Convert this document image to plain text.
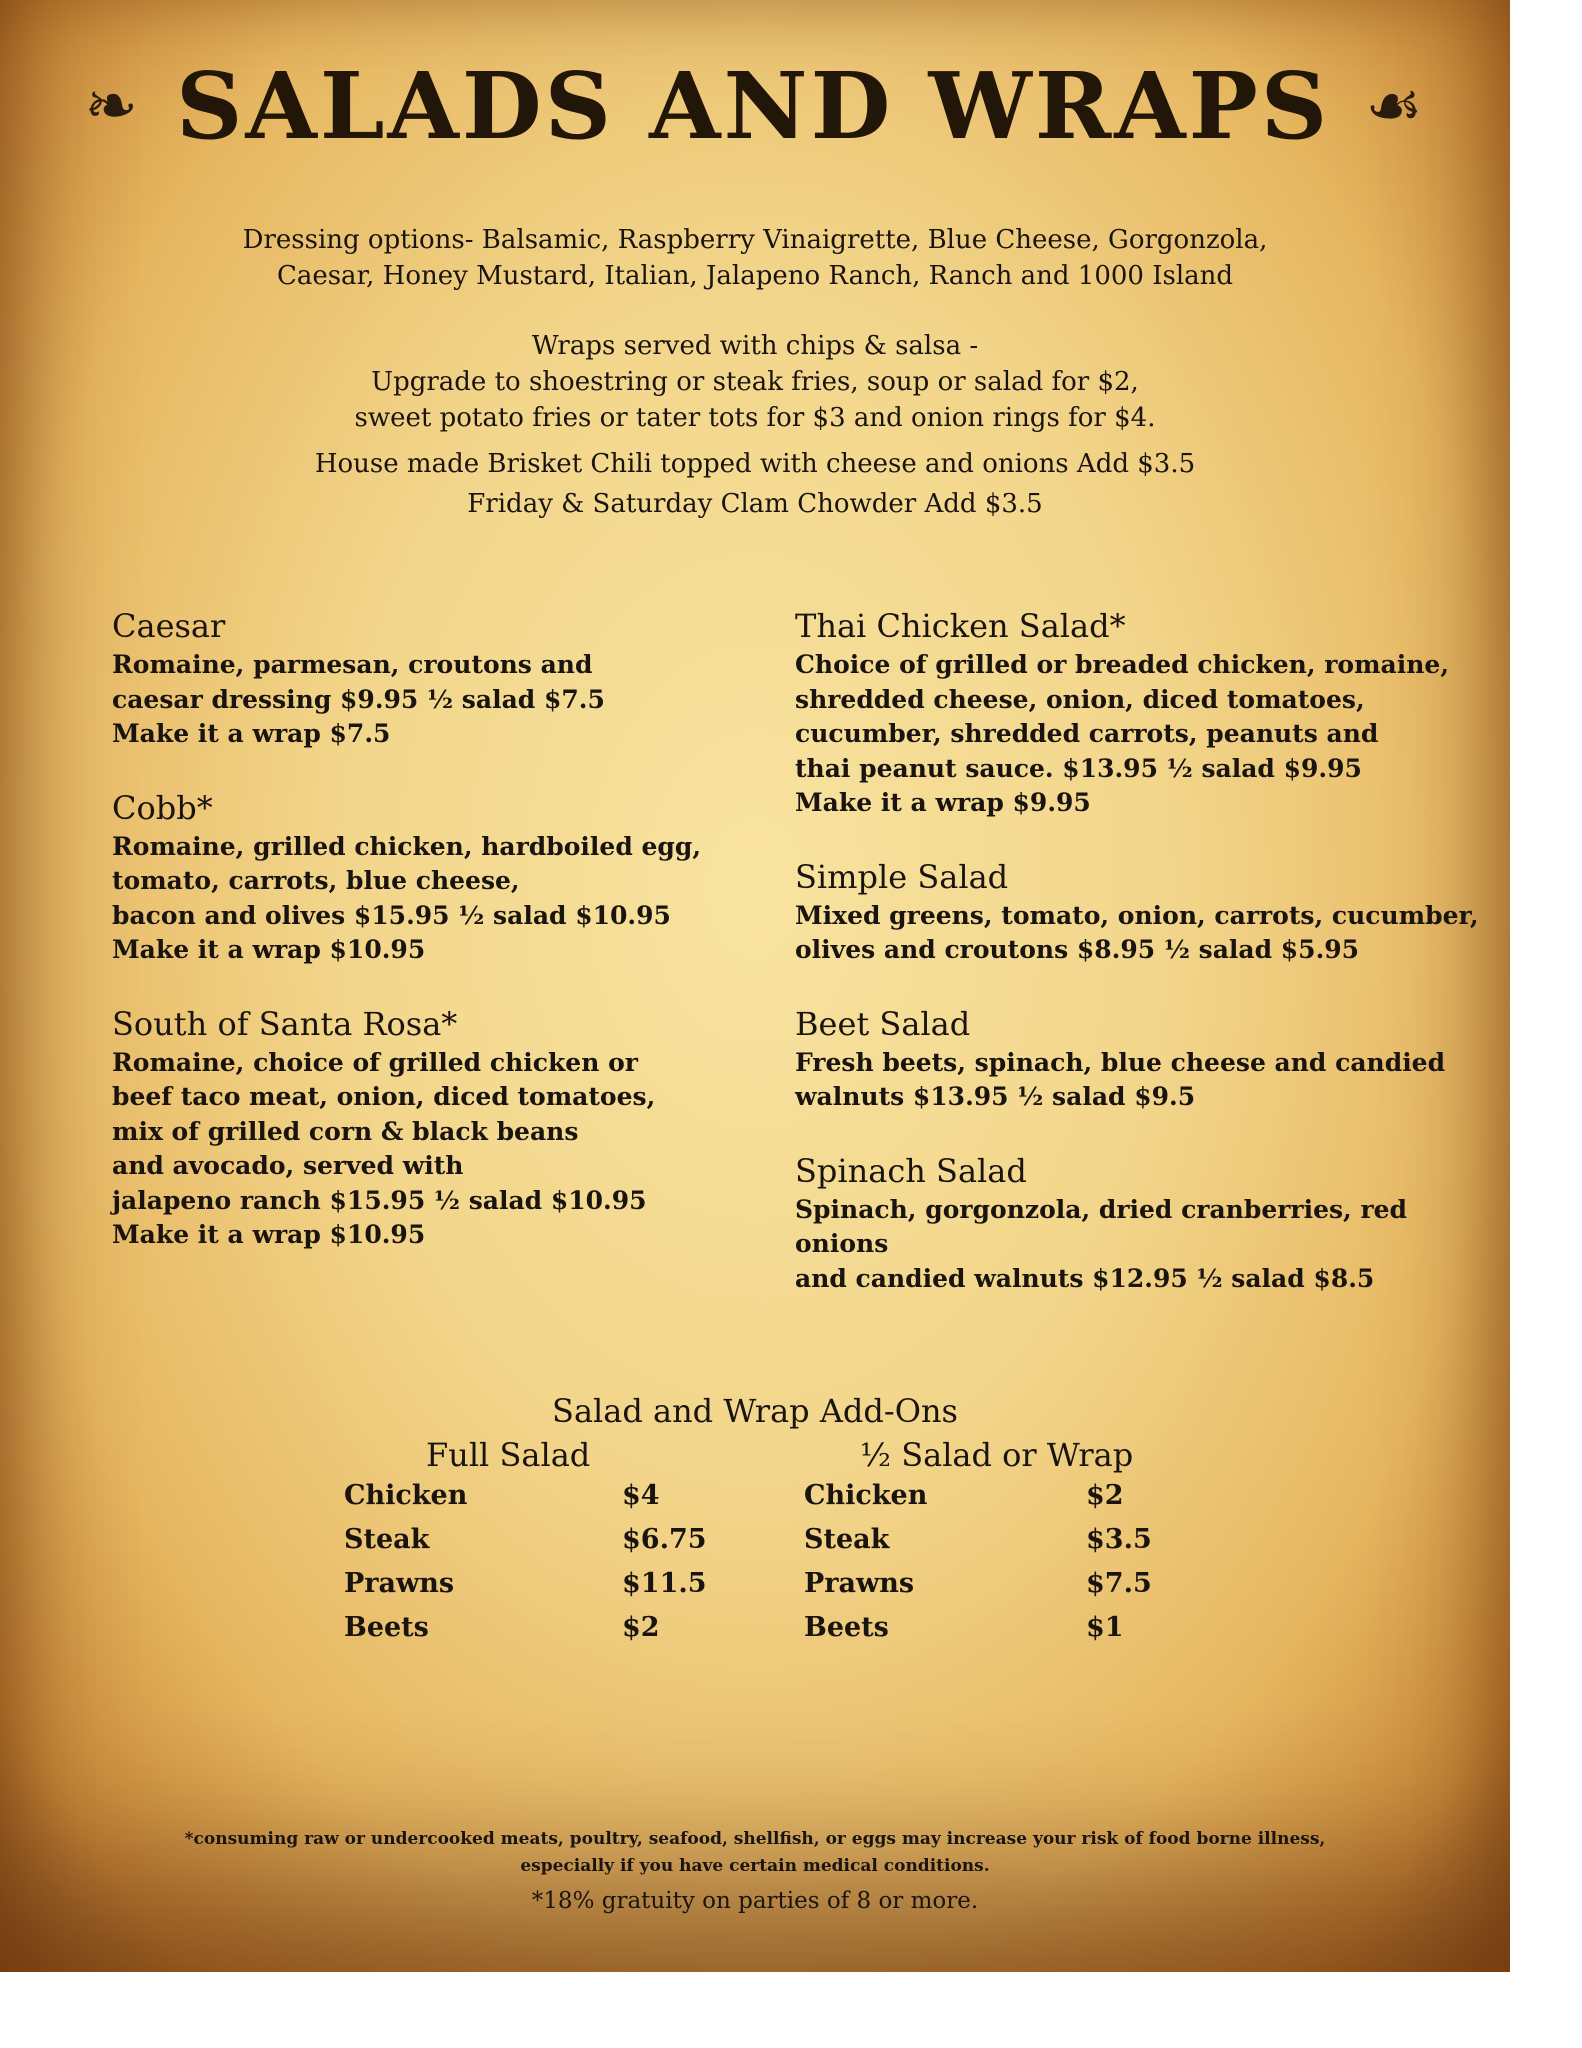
❧ SALADS AND WRAPS ☙
Dressing options- Balsamic, Raspberry Vinaigrette, Blue Cheese, Gorgonzola,
Caesar, Honey Mustard, Italian, Jalapeno Ranch, Ranch and 1000 Island
Wraps served with chips & salsa -
Upgrade to shoestring or steak fries, soup or salad for $2,
sweet potato fries or tater tots for $3 and onion rings for $4.
House made Brisket Chili topped with cheese and onions Add $3.5
Friday & Saturday Clam Chowder Add $3.5
Caesar
Romaine, parmesan, croutons and
caesar dressing $9.95 ½ salad $7.5
Make it a wrap $7.5
Cobb*
Romaine, grilled chicken, hardboiled egg,
tomato, carrots, blue cheese,
bacon and olives $15.95 ½ salad $10.95
Make it a wrap $10.95
South of Santa Rosa*
Romaine, choice of grilled chicken or
beef taco meat, onion, diced tomatoes,
mix of grilled corn & black beans
and avocado, served with
jalapeno ranch $15.95 ½ salad $10.95
Make it a wrap $10.95
Thai Chicken Salad*
Choice of grilled or breaded chicken, romaine,
shredded cheese, onion, diced tomatoes,
cucumber, shredded carrots, peanuts and
thai peanut sauce. $13.95 ½ salad $9.95
Make it a wrap $9.95
Simple Salad
Mixed greens, tomato, onion, carrots, cucumber,
olives and croutons $8.95 ½ salad $5.95
Beet Salad
Fresh beets, spinach, blue cheese and candied
walnuts $13.95 ½ salad $9.5
Spinach Salad
Spinach, gorgonzola, dried cranberries, red onions
and candied walnuts $12.95 ½ salad $8.5
Salad and Wrap Add-Ons
Full Salad	½ Salad or Wrap
Chicken	$4
Steak	$6.75
Prawns	$11.5
Beets	$2
Chicken	$2
Steak	$3.5
Prawns	$7.5
Beets	$1
*consuming raw or undercooked meats, poultry, seafood, shellfish, or eggs may increase your risk of food borne illness,
especially if you have certain medical conditions.
*18% gratuity on parties of 8 or more.
